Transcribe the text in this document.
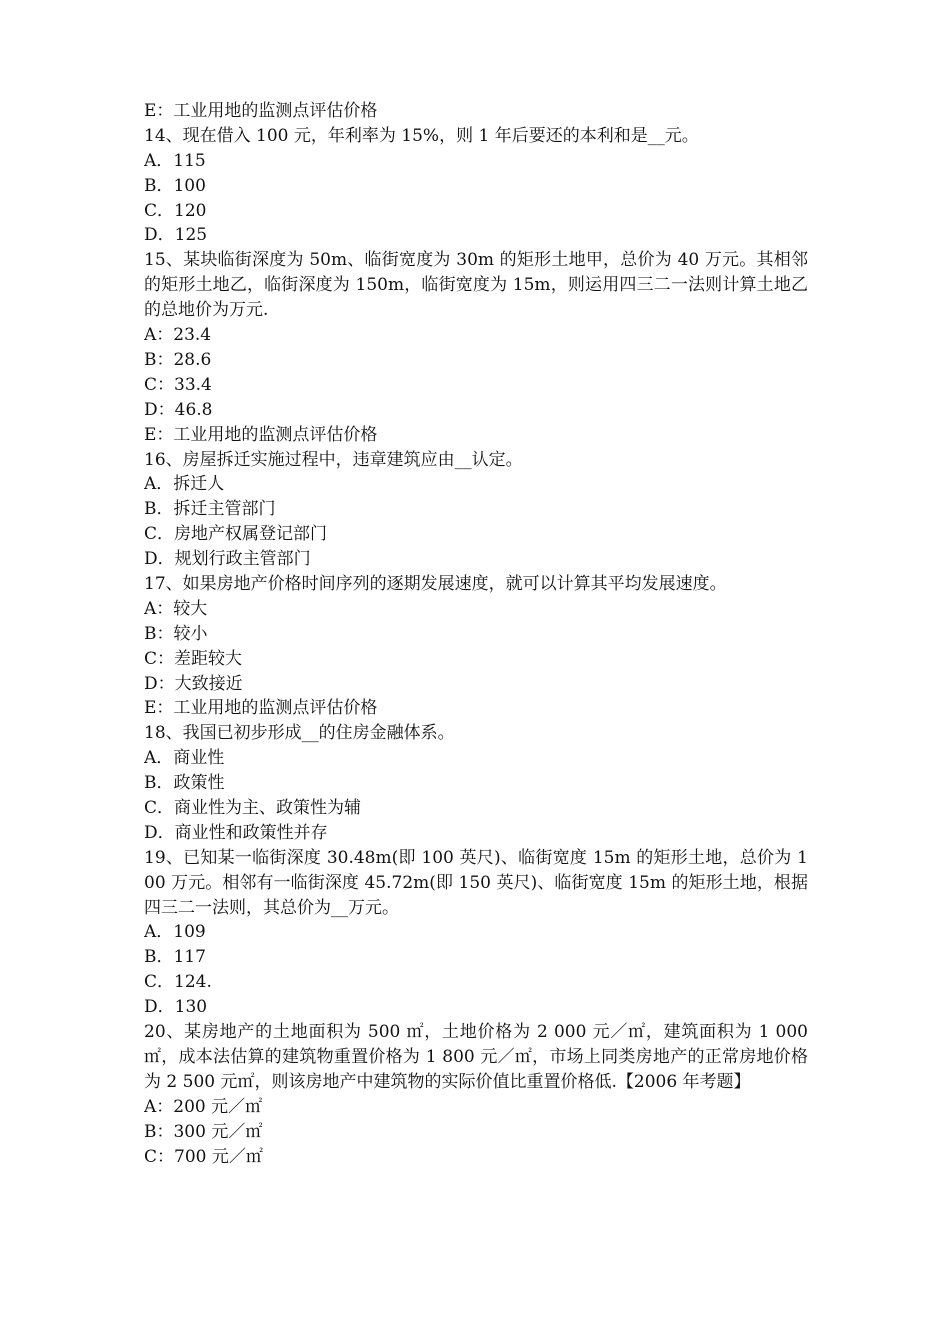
E：工业用地的监测点评估价格
14、现在借入 100 元，年利率为 15%，则 1 年后要还的本利和是__元。
A．115
B．100
C．120
D．125
15、某块临街深度为 50m、临街宽度为 30m 的矩形土地甲，总价为 40 万元。其相邻的矩形土地乙，临街深度为 150m，临街宽度为 15m，则运用四三二一法则计算土地乙的总地价为万元.
A：23.4
B：28.6
C：33.4
D：46.8
E：工业用地的监测点评估价格
16、房屋拆迁实施过程中，违章建筑应由__认定。
A．拆迁人
B．拆迁主管部门
C．房地产权属登记部门
D．规划行政主管部门
17、如果房地产价格时间序列的逐期发展速度，就可以计算其平均发展速度。
A：较大
B：较小
C：差距较大
D：大致接近
E：工业用地的监测点评估价格
18、我国已初步形成__的住房金融体系。
A．商业性
B．政策性
C．商业性为主、政策性为辅
D．商业性和政策性并存
19、已知某一临街深度 30.48m(即 100 英尺)、临街宽度 15m 的矩形土地，总价为 100 万元。相邻有一临街深度 45.72m(即 150 英尺)、临街宽度 15m 的矩形土地，根据四三二一法则，其总价为__万元。
A．109
B．117
C．124.
D．130
20、某房地产的土地面积为 500 ㎡，土地价格为 2 000 元／㎡，建筑面积为 1 000 ㎡，成本法估算的建筑物重置价格为 1 800 元／㎡，市场上同类房地产的正常房地价格为 2 500 元㎡，则该房地产中建筑物的实际价值比重置价格低.【2006 年考题】
A：200 元／㎡
B：300 元／㎡
C：700 元／㎡
